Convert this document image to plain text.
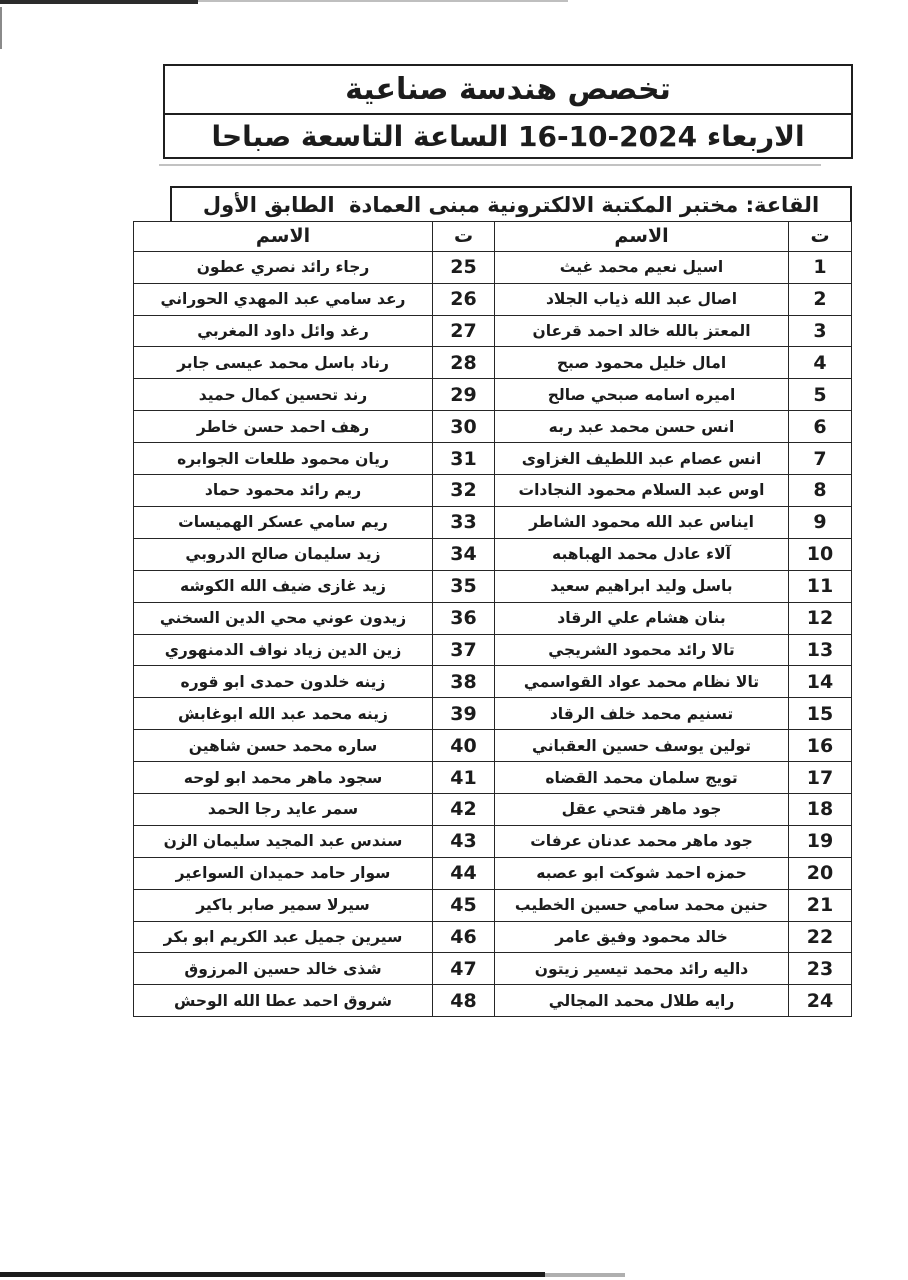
تخصص هندسة صناعية
الاربعاء 2024-10-16 الساعة التاسعة صباحا
القاعة: مختبر المكتبة الالكترونية مبنى العمادة  الطابق الأول
ت	الاسم	ت	الاسم
1	اسيل نعيم محمد غيث	25	رجاء رائد نصري عطون
2	اصال عبد الله ذياب الجلاد	26	رعد سامي عبد المهدي الحوراني
3	المعتز بالله خالد احمد قرعان	27	رغد وائل داود المغربي
4	امال خليل محمود صبح	28	رناد باسل محمد عيسى جابر
5	اميره اسامه صبحي صالح	29	رند تحسين كمال حميد
6	انس حسن محمد عبد ربه	30	رهف احمد حسن خاطر
7	انس عصام عبد اللطيف الغزاوى	31	ريان محمود طلعات الجوابره
8	اوس عبد السلام محمود النجادات	32	ريم رائد محمود حماد
9	ايناس عبد الله محمود الشاطر	33	ريم سامي عسكر الهميسات
10	آلاء عادل محمد الهباهبه	34	زيد سليمان صالح الدروبي
11	باسل وليد ابراهيم سعيد	35	زيد غازى ضيف الله الكوشه
12	بنان هشام علي الرقاد	36	زيدون عوني محي الدين السخني
13	تالا رائد محمود الشريجي	37	زين الدين زياد نواف الدمنهوري
14	تالا نظام محمد عواد القواسمي	38	زينه خلدون حمدى ابو قوره
15	تسنيم محمد خلف الرقاد	39	زينه محمد عبد الله ابوغابش
16	تولين يوسف حسين العقباني	40	ساره محمد حسن شاهين
17	تويج سلمان محمد القضاه	41	سجود ماهر محمد ابو لوحه
18	جود ماهر فتحي عقل	42	سمر عايد رجا الحمد
19	جود ماهر محمد عدنان عرفات	43	سندس عبد المجيد سليمان الزن
20	حمزه احمد شوكت ابو عصبه	44	سوار حامد حميدان السواعير
21	حنين محمد سامي حسين الخطيب	45	سيرلا سمير صابر باكير
22	خالد محمود وفيق عامر	46	سيرين جميل عبد الكريم ابو بكر
23	داليه رائد محمد تيسير زيتون	47	شذى خالد حسين المرزوق
24	رايه طلال محمد المجالي	48	شروق احمد عطا الله الوحش
